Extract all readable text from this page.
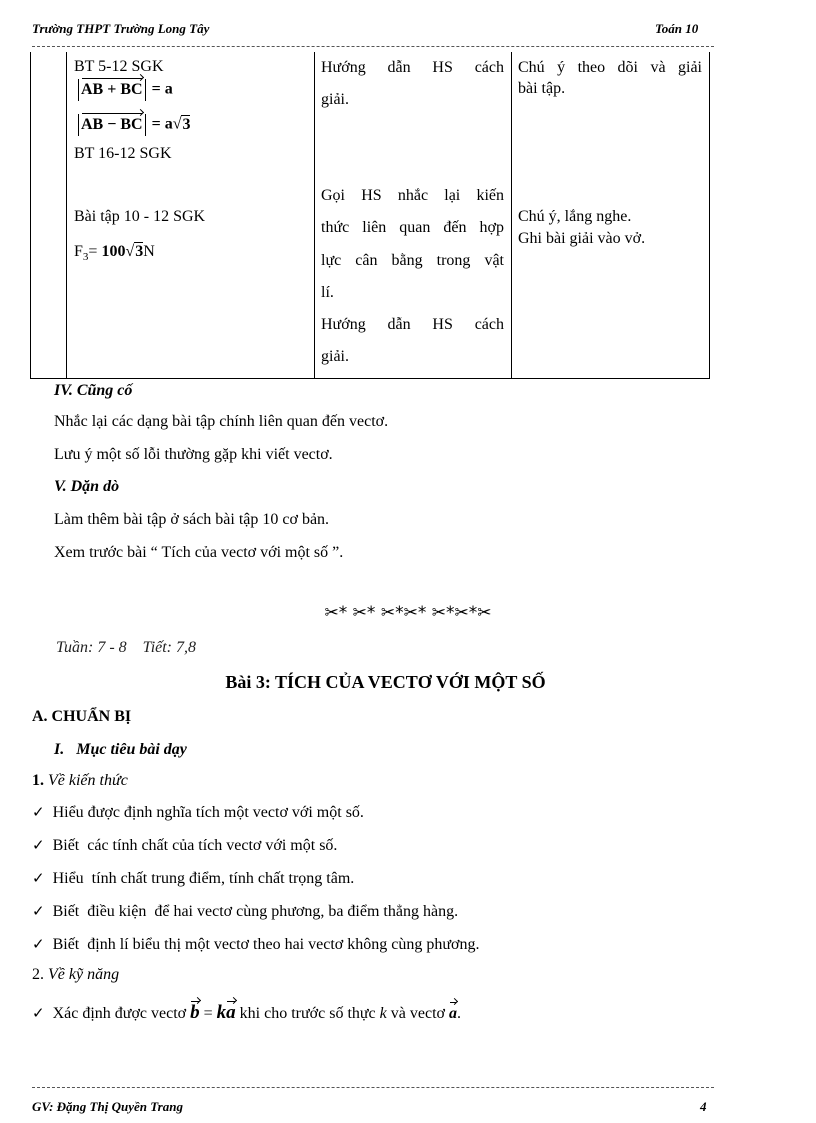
Trường THPT Trường Long Tây	Toán 10
BT 5-12 SGK
AB + BC = a
AB − BC = a√3
BT 16-12 SGK
Bài tập 10 - 12 SGK
$F_3= 100√3N$
Hướng dẫn HS cách
giải.
Gọi HS nhắc lại kiến
thức liên quan đến hợp
lực cân bằng trong vật
lí.
Hướng dẫn HS cách
giải.
Chú ý theo dõi và giải
bài tập.
Chú ý, lắng nghe.
Ghi bài giải vào vở.
IV. Cũng cố
Nhắc lại các dạng bài tập chính liên quan đến vectơ.
Lưu ý một số lỗi thường gặp khi viết vectơ.
V. Dặn dò
Làm thêm bài tập ở sách bài tập 10 cơ bản.
Xem trước bài “ Tích của vectơ với một số ”.
✂* ✂* ✂*✂* ✂*✂*✂
Tuần: 7 - 8    Tiết: 7,8
Bài 3: TÍCH CỦA VECTƠ VỚI MỘT SỐ
A. CHUẨN BỊ
I.   Mục tiêu bài dạy
1. Về kiến thức
✓ Hiểu được định nghĩa tích một vectơ với một số.
✓ Biết  các tính chất của tích vectơ với một số.
✓ Hiểu  tính chất trung điểm, tính chất trọng tâm.
✓ Biết  điều kiện  để hai vectơ cùng phương, ba điểm thẳng hàng.
✓ Biết  định lí biểu thị một vectơ theo hai vectơ không cùng phương.
2. Về kỹ năng
✓ Xác định được vectơ b = ka khi cho trước số thực k và vectơ a.
GV: Đặng Thị Quyền Trang	4
